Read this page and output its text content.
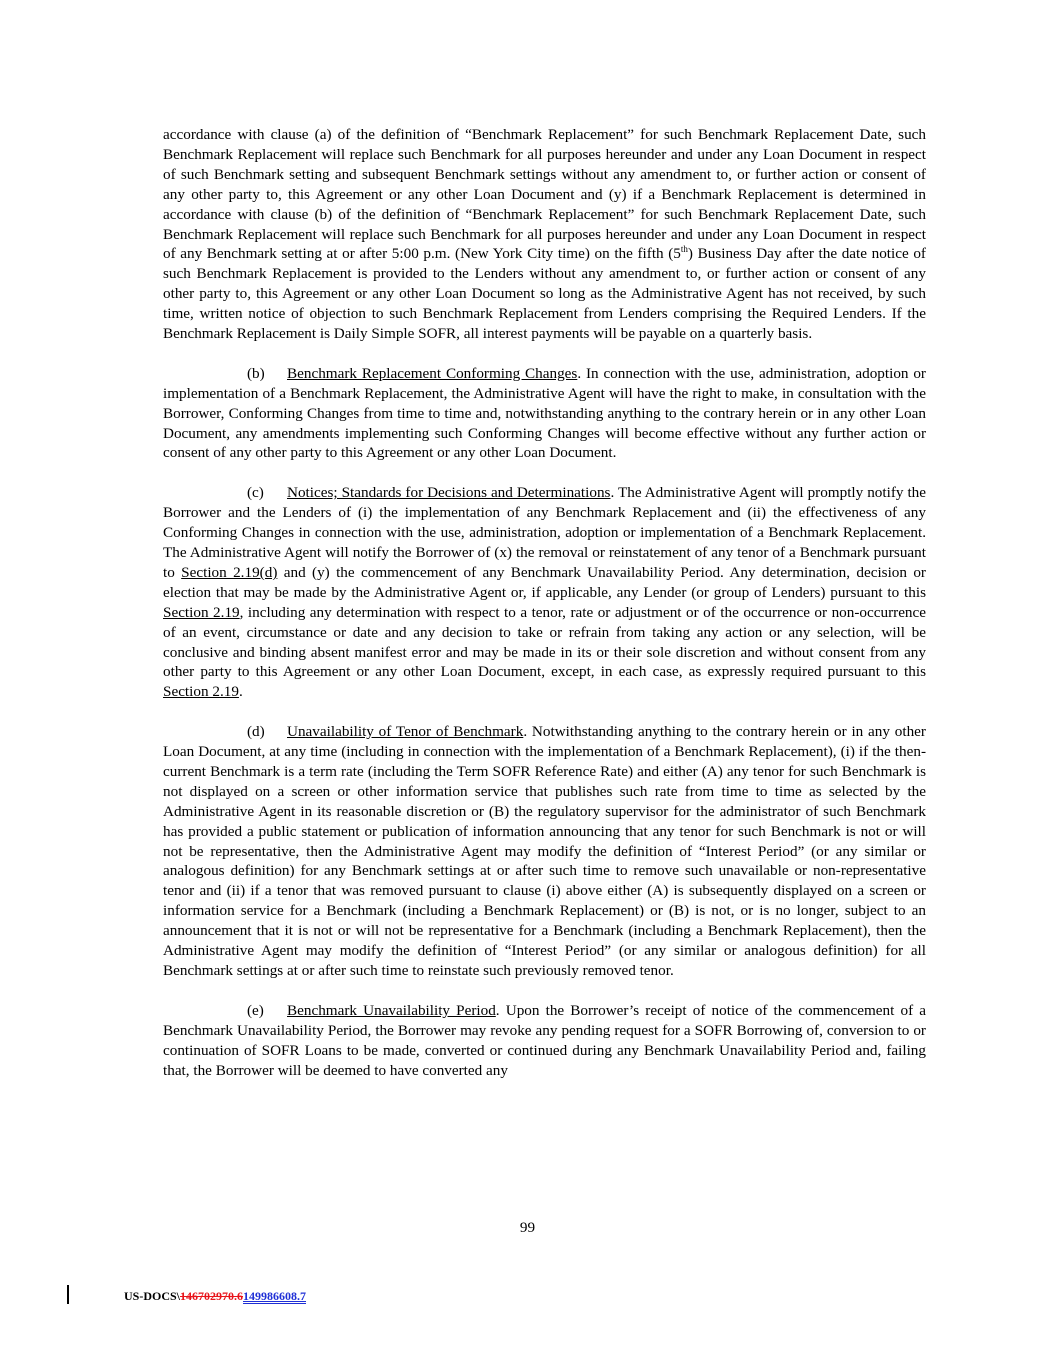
accordance with clause (a) of the definition of “Benchmark Replacement” for such Benchmark Replacement Date, such Benchmark Replacement will replace such Benchmark for all purposes hereunder and under any Loan Document in respect of such Benchmark setting and subsequent Benchmark settings without any amendment to, or further action or consent of any other party to, this Agreement or any other Loan Document and (y) if a Benchmark Replacement is determined in accordance with clause (b) of the definition of “Benchmark Replacement” for such Benchmark Replacement Date, such Benchmark Replacement will replace such Benchmark for all purposes hereunder and under any Loan Document in respect of any Benchmark setting at or after 5:00 p.m. (New York City time) on the fifth (5th) Business Day after the date notice of such Benchmark Replacement is provided to the Lenders without any amendment to, or further action or consent of any other party to, this Agreement or any other Loan Document so long as the Administrative Agent has not received, by such time, written notice of objection to such Benchmark Replacement from Lenders comprising the Required Lenders. If the Benchmark Replacement is Daily Simple SOFR, all interest payments will be payable on a quarterly basis.

(b) Benchmark Replacement Conforming Changes. In connection with the use, administration, adoption or implementation of a Benchmark Replacement, the Administrative Agent will have the right to make, in consultation with the Borrower, Conforming Changes from time to time and, notwithstanding anything to the contrary herein or in any other Loan Document, any amendments implementing such Conforming Changes will become effective without any further action or consent of any other party to this Agreement or any other Loan Document.

(c) Notices; Standards for Decisions and Determinations. The Administrative Agent will promptly notify the Borrower and the Lenders of (i) the implementation of any Benchmark Replacement and (ii) the effectiveness of any Conforming Changes in connection with the use, administration, adoption or implementation of a Benchmark Replacement. The Administrative Agent will notify the Borrower of (x) the removal or reinstatement of any tenor of a Benchmark pursuant to Section 2.19(d) and (y) the commencement of any Benchmark Unavailability Period. Any determination, decision or election that may be made by the Administrative Agent or, if applicable, any Lender (or group of Lenders) pursuant to this Section 2.19, including any determination with respect to a tenor, rate or adjustment or of the occurrence or non-occurrence of an event, circumstance or date and any decision to take or refrain from taking any action or any selection, will be conclusive and binding absent manifest error and may be made in its or their sole discretion and without consent from any other party to this Agreement or any other Loan Document, except, in each case, as expressly required pursuant to this Section 2.19.

(d) Unavailability of Tenor of Benchmark. Notwithstanding anything to the contrary herein or in any other Loan Document, at any time (including in connection with the implementation of a Benchmark Replacement), (i) if the then-current Benchmark is a term rate (including the Term SOFR Reference Rate) and either (A) any tenor for such Benchmark is not displayed on a screen or other information service that publishes such rate from time to time as selected by the Administrative Agent in its reasonable discretion or (B) the regulatory supervisor for the administrator of such Benchmark has provided a public statement or publication of information announcing that any tenor for such Benchmark is not or will not be representative, then the Administrative Agent may modify the definition of “Interest Period” (or any similar or analogous definition) for any Benchmark settings at or after such time to remove such unavailable or non-representative tenor and (ii) if a tenor that was removed pursuant to clause (i) above either (A) is subsequently displayed on a screen or information service for a Benchmark (including a Benchmark Replacement) or (B) is not, or is no longer, subject to an announcement that it is not or will not be representative for a Benchmark (including a Benchmark Replacement), then the Administrative Agent may modify the definition of “Interest Period” (or any similar or analogous definition) for all Benchmark settings at or after such time to reinstate such previously removed tenor.

(e) Benchmark Unavailability Period. Upon the Borrower’s receipt of notice of the commencement of a Benchmark Unavailability Period, the Borrower may revoke any pending request for a SOFR Borrowing of, conversion to or continuation of SOFR Loans to be made, converted or continued during any Benchmark Unavailability Period and, failing that, the Borrower will be deemed to have converted any

99
US-DOCS\146702970.6149986608.7
